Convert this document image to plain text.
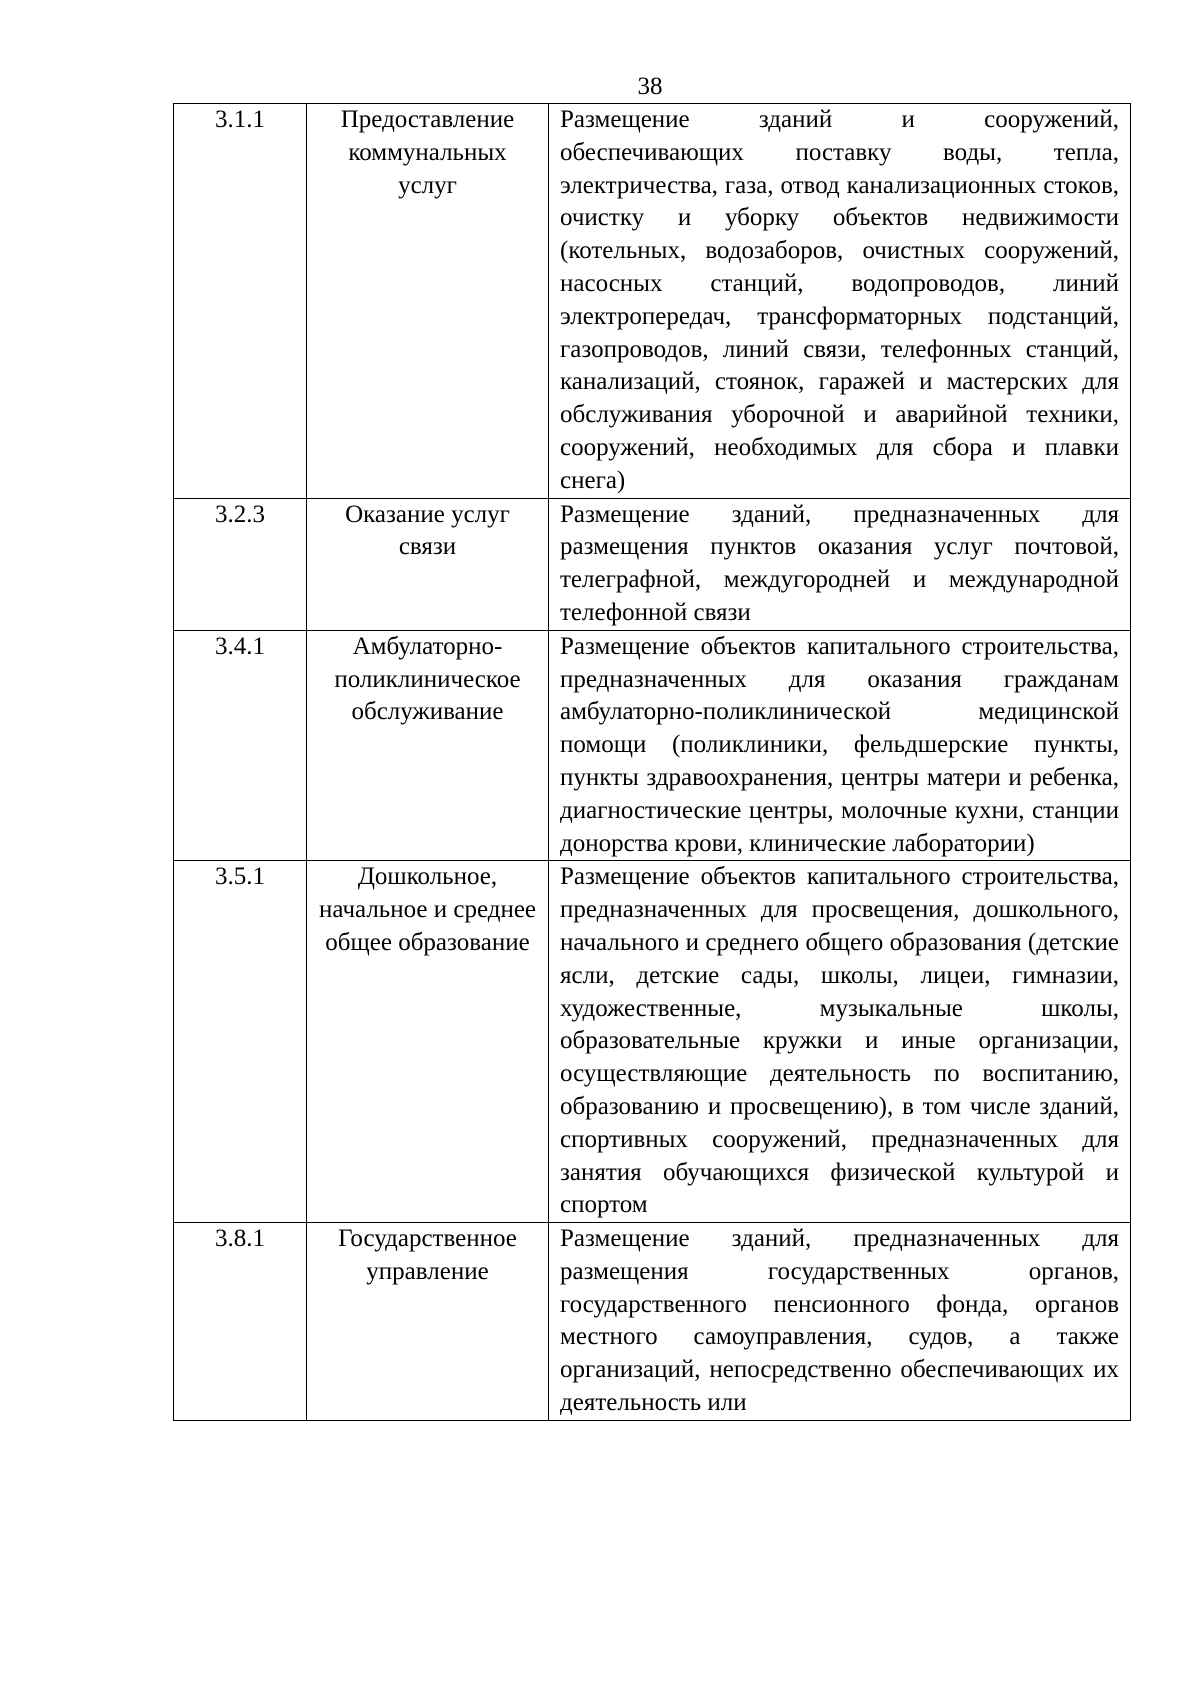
38
3.1.1	Предоставление коммунальных услуг	Размещение зданий и сооружений, обеспечивающих поставку воды, тепла, электричества, газа, отвод канализационных стоков, очистку и уборку объектов недвижимости (котельных, водозаборов, очистных сооружений, насосных станций, водопроводов, линий электропередач, трансформаторных подстанций, газопроводов, линий связи, телефонных станций, канализаций, стоянок, гаражей и мастерских для обслуживания уборочной и аварийной техники, сооружений, необходимых для сбора и плавки снега)
3.2.3	Оказание услуг связи	Размещение зданий, предназначенных для размещения пунктов оказания услуг почтовой, телеграфной, междугородней и международной телефонной связи
3.4.1	Амбулаторно-поликлиническое обслуживание	Размещение объектов капитального строительства, предназначенных для оказания гражданам амбулаторно-поликлинической медицинской помощи (поликлиники, фельдшерские пункты, пункты здравоохранения, центры матери и ребенка, диагностические центры, молочные кухни, станции донорства крови, клинические лаборатории)
3.5.1	Дошкольное, начальное и среднее общее образование	Размещение объектов капитального строительства, предназначенных для просвещения, дошкольного, начального и среднего общего образования (детские ясли, детские сады, школы, лицеи, гимназии, художественные, музыкальные школы, образовательные кружки и иные организации, осуществляющие деятельность по воспитанию, образованию и просвещению), в том числе зданий, спортивных сооружений, предназначенных для занятия обучающихся физической культурой и спортом
3.8.1	Государственное управление	Размещение зданий, предназначенных для размещения государственных органов, государственного пенсионного фонда, органов местного самоуправления, судов, а также организаций, непосредственно обеспечивающих их деятельность или
